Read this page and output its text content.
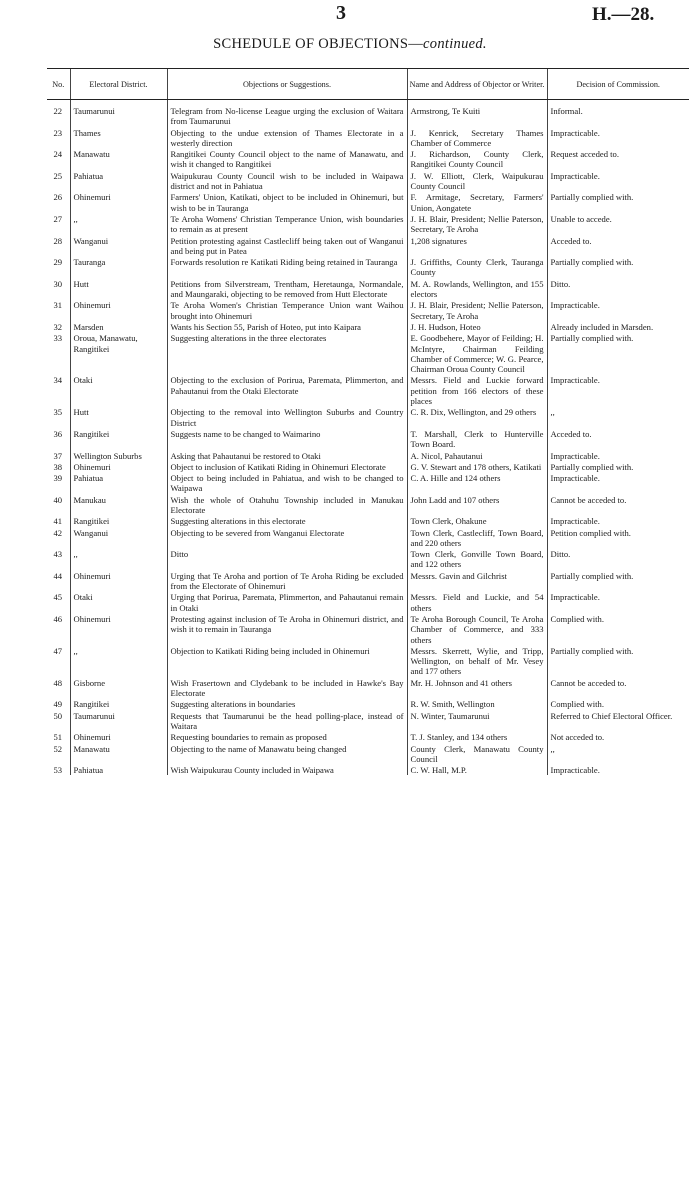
3	H.—28.
SCHEDULE OF OBJECTIONS—continued.
No.	Electoral District.	Objections or Suggestions.	Name and Address of Objector or Writer.	Decision of Commission.
22	Taumarunui	Telegram from No-license League urging the exclusion of Waitara from Taumarunui	Armstrong, Te Kuiti	Informal.
23	Thames	Objecting to the undue extension of Thames Electorate in a westerly direction	J. Kenrick, Secretary Thames Chamber of Commerce	Impracticable.
24	Manawatu	Rangitikei County Council object to the name of Manawatu, and wish it changed to Rangitikei	J. Richardson, County Clerk, Rangitikei County Council	Request acceded to.
25	Pahiatua	Waipukurau County Council wish to be included in Waipawa district and not in Pahiatua	J. W. Elliott, Clerk, Waipukurau County Council	Impracticable.
26	Ohinemuri	Farmers' Union, Katikati, object to be included in Ohinemuri, but wish to be in Tauranga	F. Armitage, Secretary, Farmers' Union, Aongatete	Partially complied with.
27	,,	Te Aroha Womens' Christian Temperance Union, wish boundaries to remain as at present	J. H. Blair, President; Nellie Paterson, Secretary, Te Aroha	Unable to accede.
28	Wanganui	Petition protesting against Castlecliff being taken out of Wanganui and being put in Patea	1,208 signatures	Acceded to.
29	Tauranga	Forwards resolution re Katikati Riding being retained in Tauranga	J. Griffiths, County Clerk, Tauranga County	Partially complied with.
30	Hutt	Petitions from Silverstream, Trentham, Heretaunga, Normandale, and Maungaraki, objecting to be removed from Hutt Electorate	M. A. Rowlands, Wellington, and 155 electors	Ditto.
31	Ohinemuri	Te Aroha Women's Christian Temperance Union want Waihou brought into Ohinemuri	J. H. Blair, President; Nellie Paterson, Secretary, Te Aroha	Impracticable.
32	Marsden	Wants his Section 55, Parish of Hoteo, put into Kaipara	J. H. Hudson, Hoteo	Already included in Marsden.
33	Oroua, Manawatu, Rangitikei	Suggesting alterations in the three electorates	E. Goodbehere, Mayor of Feilding; H. McIntyre, Chairman Feilding Chamber of Commerce; W. G. Pearce, Chairman Oroua County Council	Partially complied with.
34	Otaki	Objecting to the exclusion of Porirua, Paremata, Plimmerton, and Pahautanui from the Otaki Electorate	Messrs. Field and Luckie forward petition from 166 electors of these places	Impracticable.
35	Hutt	Objecting to the removal into Wellington Suburbs and Country District	C. R. Dix, Wellington, and 29 others	,,
36	Rangitikei	Suggests name to be changed to Waimarino	T. Marshall, Clerk to Hunterville Town Board.	Acceded to.
37	Wellington Suburbs	Asking that Pahautanui be restored to Otaki	A. Nicol, Pahautanui	Impracticable.
38	Ohinemuri	Object to inclusion of Katikati Riding in Ohinemuri Electorate	G. V. Stewart and 178 others, Katikati	Partially complied with.
39	Pahiatua	Object to being included in Pahiatua, and wish to be changed to Waipawa	C. A. Hille and 124 others	Impracticable.
40	Manukau	Wish the whole of Otahuhu Township included in Manukau Electorate	John Ladd and 107 others	Cannot be acceded to.
41	Rangitikei	Suggesting alterations in this electorate	Town Clerk, Ohakune	Impracticable.
42	Wanganui	Objecting to be severed from Wanganui Electorate	Town Clerk, Castlecliff, Town Board, and 220 others	Petition complied with.
43	,,	Ditto	Town Clerk, Gonville Town Board, and 122 others	Ditto.
44	Ohinemuri	Urging that Te Aroha and portion of Te Aroha Riding be excluded from the Electorate of Ohinemuri	Messrs. Gavin and Gilchrist	Partially complied with.
45	Otaki	Urging that Porirua, Paremata, Plimmerton, and Pahautanui remain in Otaki	Messrs. Field and Luckie, and 54 others	Impracticable.
46	Ohinemuri	Protesting against inclusion of Te Aroha in Ohinemuri district, and wish it to remain in Tauranga	Te Aroha Borough Council, Te Aroha Chamber of Commerce, and 333 others	Complied with.
47	,,	Objection to Katikati Riding being included in Ohinemuri	Messrs. Skerrett, Wylie, and Tripp, Wellington, on behalf of Mr. Vesey and 177 others	Partially complied with.
48	Gisborne	Wish Frasertown and Clydebank to be included in Hawke's Bay Electorate	Mr. H. Johnson and 41 others	Cannot be acceded to.
49	Rangitikei	Suggesting alterations in boundaries	R. W. Smith, Wellington	Complied with.
50	Taumarunui	Requests that Taumarunui be the head polling-place, instead of Waitara	N. Winter, Taumarunui	Referred to Chief Electoral Officer.
51	Ohinemuri	Requesting boundaries to remain as proposed	T. J. Stanley, and 134 others	Not acceded to.
52	Manawatu	Objecting to the name of Manawatu being changed	County Clerk, Manawatu County Council	,,
53	Pahiatua	Wish Waipukurau County included in Waipawa	C. W. Hall, M.P.	Impracticable.
